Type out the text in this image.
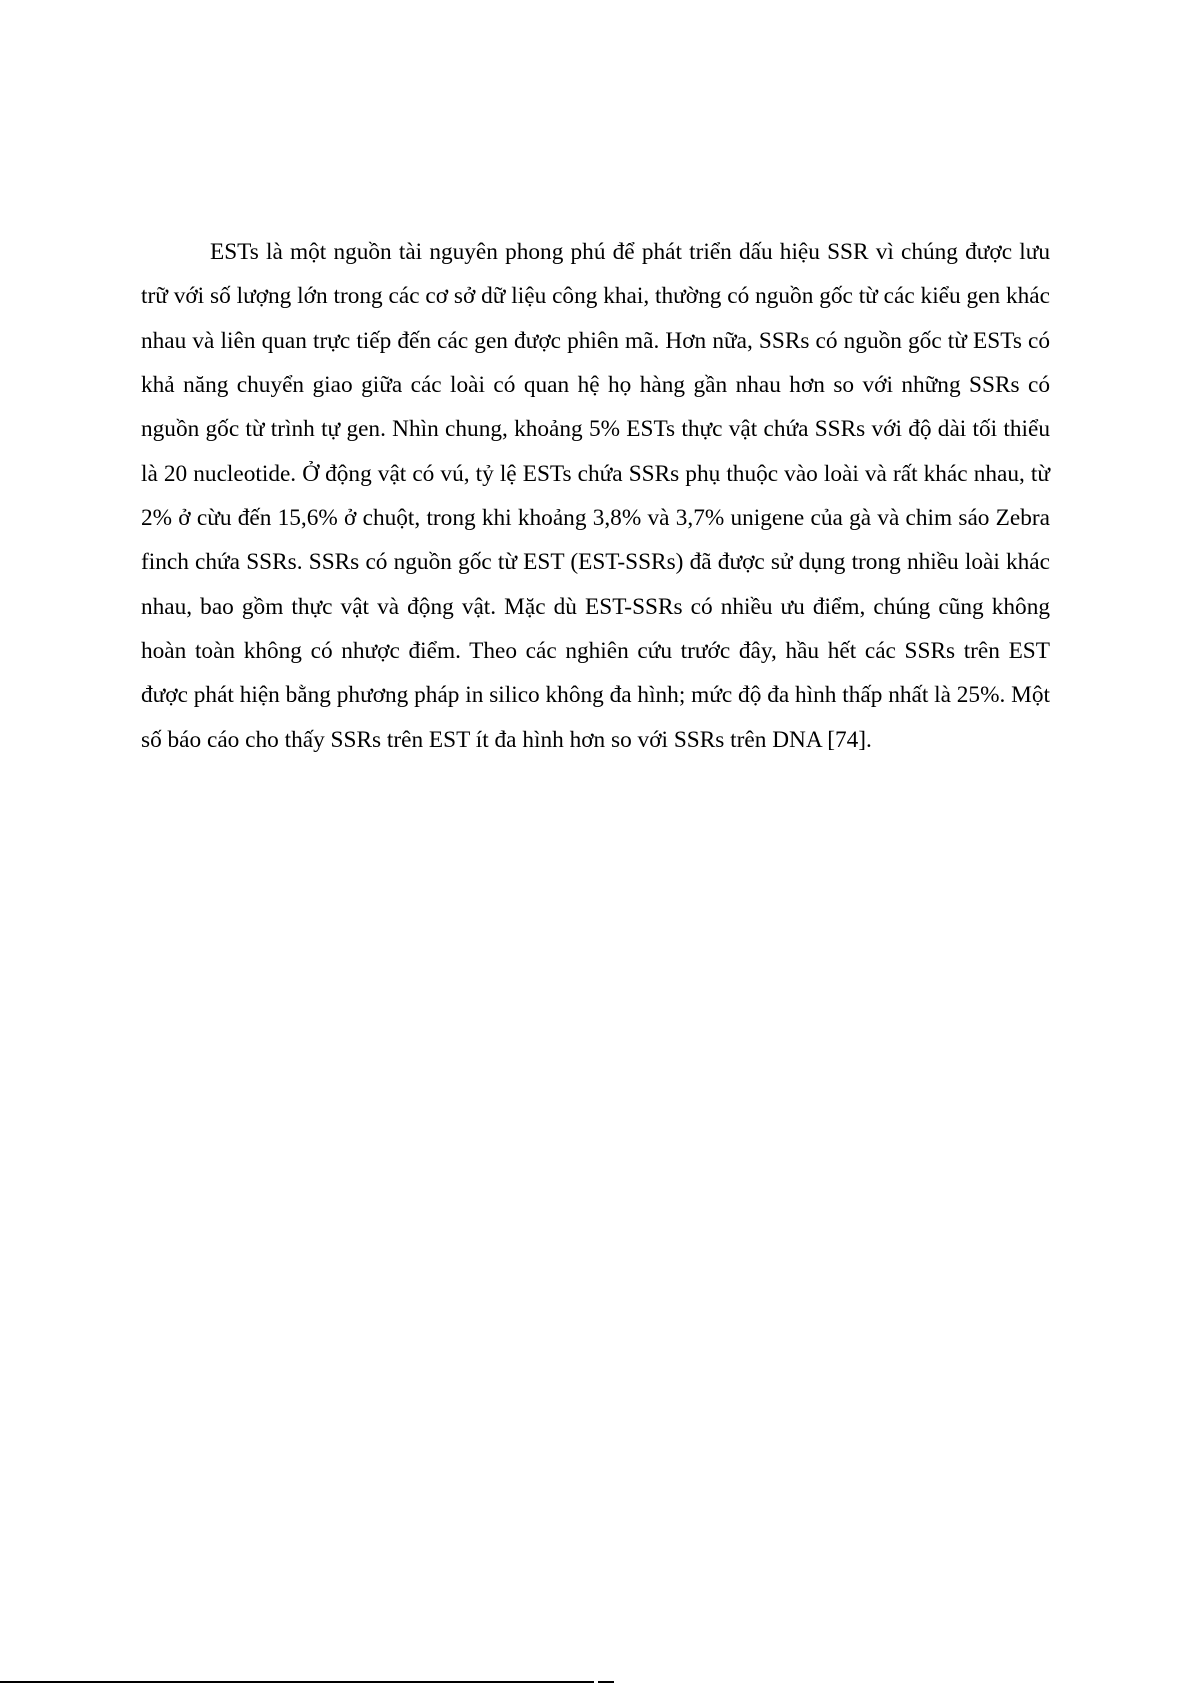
ESTs là một nguồn tài nguyên phong phú để phát triển dấu hiệu SSR vì chúng được lưu trữ với số lượng lớn trong các cơ sở dữ liệu công khai, thường có nguồn gốc từ các kiểu gen khác nhau và liên quan trực tiếp đến các gen được phiên mã. Hơn nữa, SSRs có nguồn gốc từ ESTs có khả năng chuyển giao giữa các loài có quan hệ họ hàng gần nhau hơn so với những SSRs có nguồn gốc từ trình tự gen. Nhìn chung, khoảng 5% ESTs thực vật chứa SSRs với độ dài tối thiểu là 20 nucleotide. Ở động vật có vú, tỷ lệ ESTs chứa SSRs phụ thuộc vào loài và rất khác nhau, từ 2% ở cừu đến 15,6% ở chuột, trong khi khoảng 3,8% và 3,7% unigene của gà và chim sáo Zebra finch chứa SSRs. SSRs có nguồn gốc từ EST (EST-SSRs) đã được sử dụng trong nhiều loài khác nhau, bao gồm thực vật và động vật. Mặc dù EST-SSRs có nhiều ưu điểm, chúng cũng không hoàn toàn không có nhược điểm. Theo các nghiên cứu trước đây, hầu hết các SSRs trên EST được phát hiện bằng phương pháp in silico không đa hình; mức độ đa hình thấp nhất là 25%. Một số báo cáo cho thấy SSRs trên EST ít đa hình hơn so với SSRs trên DNA [74].
